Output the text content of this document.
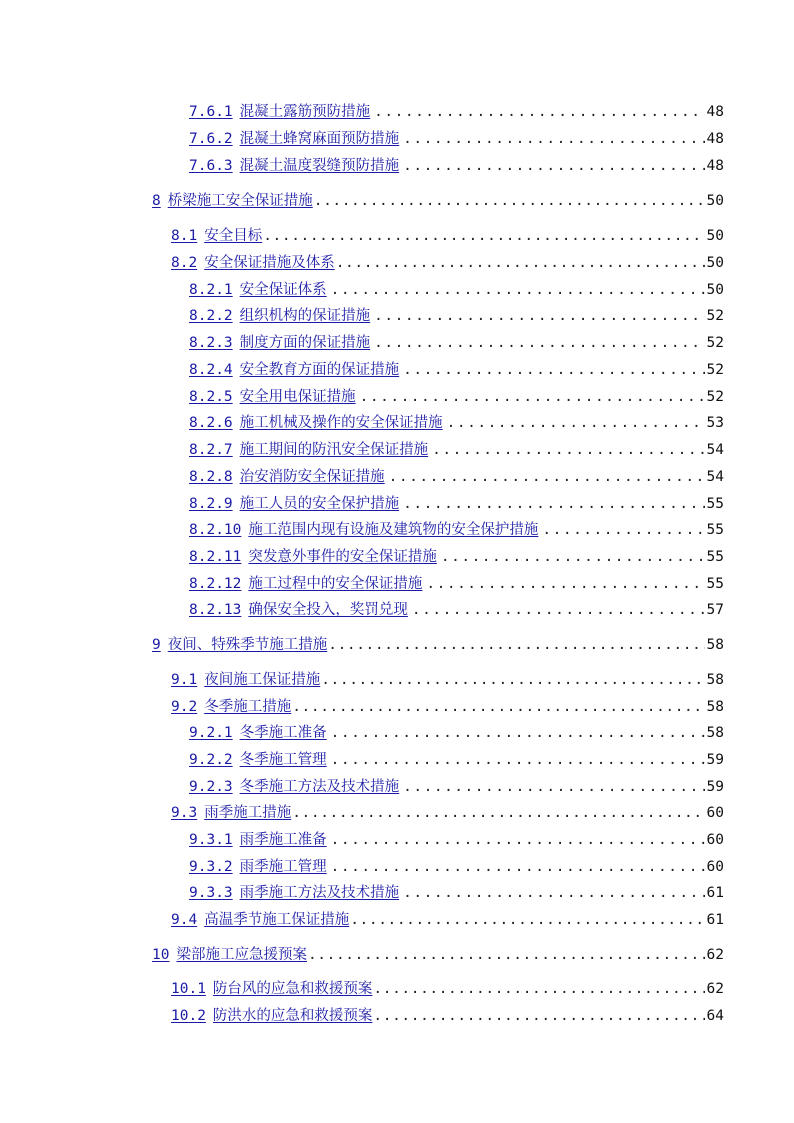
7.6.1 混凝土露筋预防措施 .....	48
7.6.2 混凝土蜂窝麻面预防措施 .....	48
7.6.3 混凝土温度裂缝预防措施 .....	48
8 桥梁施工安全保证措施 .....	50
8.1 安全目标 .....	50
8.2 安全保证措施及体系 .....	50
8.2.1 安全保证体系 .....	50
8.2.2 组织机构的保证措施 .....	52
8.2.3 制度方面的保证措施 .....	52
8.2.4 安全教育方面的保证措施 .....	52
8.2.5 安全用电保证措施 .....	52
8.2.6 施工机械及操作的安全保证措施 .....	53
8.2.7 施工期间的防汛安全保证措施 .....	54
8.2.8 治安消防安全保证措施 .....	54
8.2.9 施工人员的安全保护措施 .....	55
8.2.10 施工范围内现有设施及建筑物的安全保护措施 .....	55
8.2.11 突发意外事件的安全保证措施 .....	55
8.2.12 施工过程中的安全保证措施 .....	55
8.2.13 确保安全投入，奖罚兑现 .....	57
9 夜间、特殊季节施工措施 .....	58
9.1 夜间施工保证措施 .....	58
9.2 冬季施工措施 .....	58
9.2.1 冬季施工准备 .....	58
9.2.2 冬季施工管理 .....	59
9.2.3 冬季施工方法及技术措施 .....	59
9.3 雨季施工措施 .....	60
9.3.1 雨季施工准备 .....	60
9.3.2 雨季施工管理 .....	60
9.3.3 雨季施工方法及技术措施 .....	61
9.4 高温季节施工保证措施 .....	61
10 梁部施工应急援预案 .....	62
10.1 防台风的应急和救援预案 .....	62
10.2 防洪水的应急和救援预案 .....	64
